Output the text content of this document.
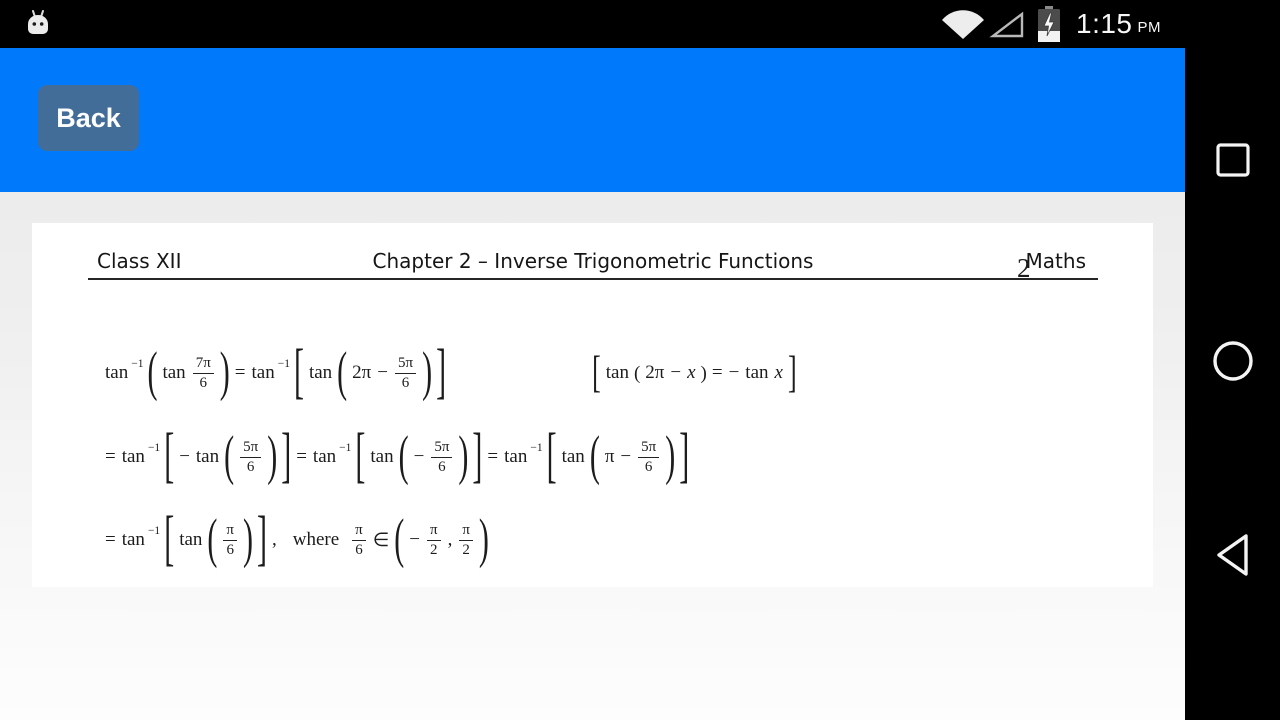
1:15 PM
Back
Class XII	Chapter 2 – Inverse Trigonometric Functions	Maths
2
tan −1 ( tan 7π
6 ) = tan −1 [ tan ( $2\pi - \frac{5\pi}{6}$ ) ]	[ tan ( 2π − x ) = − tan x ]
= tan −1 [ − tan ( 5π
6 ) ] = tan −1 [ tan ( − $\frac{5\pi}{6}$ ) ] = tan −1 [ tan ( $\pi - \frac{5\pi}{6}$ ) ]
= tan −1 [ tan ( π
6 ) ] , where π
6 ∈ ( − $\frac{\pi}{2}$ , π
2 )
